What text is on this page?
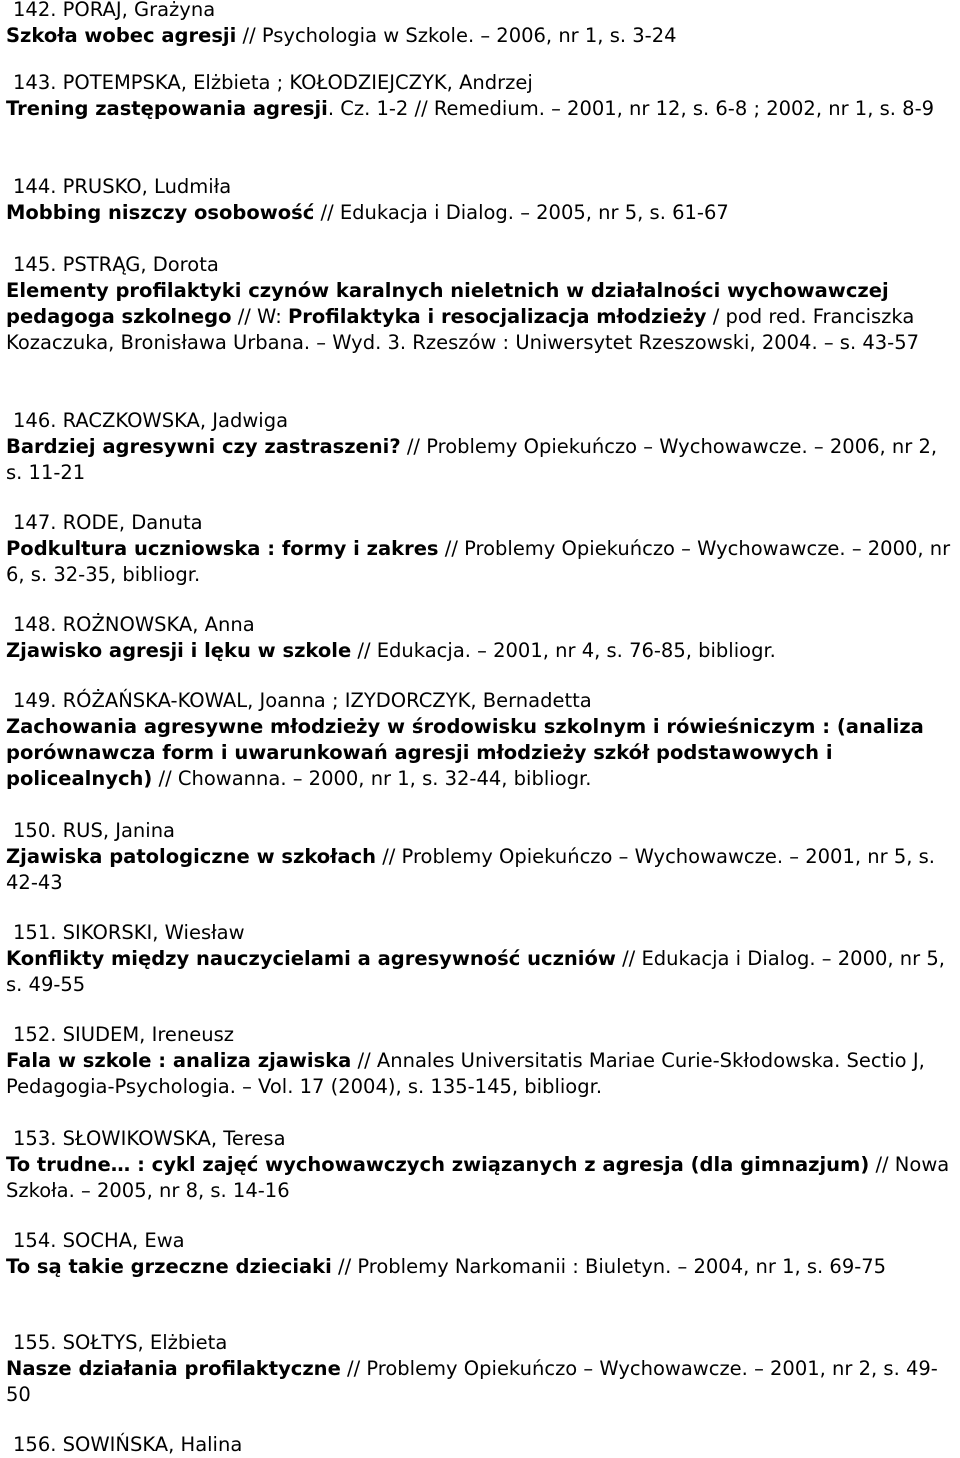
142. PORAJ, Grażyna
Szkoła wobec agresji // Psychologia w Szkole. – 2006, nr 1, s. 3-24
143. POTEMPSKA, Elżbieta ; KOŁODZIEJCZYK, Andrzej
Trening zastępowania agresji. Cz. 1-2 // Remedium. – 2001, nr 12, s. 6-8 ; 2002, nr 1, s. 8-9
144. PRUSKO, Ludmiła
Mobbing niszczy osobowość // Edukacja i Dialog. – 2005, nr 5, s. 61-67
145. PSTRĄG, Dorota
Elementy profilaktyki czynów karalnych nieletnich w działalności wychowawczej pedagoga szkolnego // W: Profilaktyka i resocjalizacja młodzieży / pod red. Franciszka Kozaczuka, Bronisława Urbana. – Wyd. 3. Rzeszów : Uniwersytet Rzeszowski, 2004. – s. 43-57
146. RACZKOWSKA, Jadwiga
Bardziej agresywni czy zastraszeni? // Problemy Opiekuńczo – Wychowawcze. – 2006, nr 2, s. 11-21
147. RODE, Danuta
Podkultura uczniowska : formy i zakres // Problemy Opiekuńczo – Wychowawcze. – 2000, nr 6, s. 32-35, bibliogr.
148. ROŻNOWSKA, Anna
Zjawisko agresji i lęku w szkole // Edukacja. – 2001, nr 4, s. 76-85, bibliogr.
149. RÓŻAŃSKA-KOWAL, Joanna ; IZYDORCZYK, Bernadetta
Zachowania agresywne młodzieży w środowisku szkolnym i rówieśniczym : (analiza porównawcza form i uwarunkowań agresji młodzieży szkół podstawowych i policealnych) // Chowanna. – 2000, nr 1, s. 32-44, bibliogr.
150. RUS, Janina
Zjawiska patologiczne w szkołach // Problemy Opiekuńczo – Wychowawcze. – 2001, nr 5, s. 42-43
151. SIKORSKI, Wiesław
Konflikty między nauczycielami a agresywność uczniów // Edukacja i Dialog. – 2000, nr 5, s. 49-55
152. SIUDEM, Ireneusz
Fala w szkole : analiza zjawiska // Annales Universitatis Mariae Curie-Skłodowska. Sectio J, Pedagogia-Psychologia. – Vol. 17 (2004), s. 135-145, bibliogr.
153. SŁOWIKOWSKA, Teresa
To trudne… : cykl zajęć wychowawczych związanych z agresja (dla gimnazjum) // Nowa Szkoła. – 2005, nr 8, s. 14-16
154. SOCHA, Ewa
To są takie grzeczne dzieciaki // Problemy Narkomanii : Biuletyn. – 2004, nr 1, s. 69-75
155. SOŁTYS, Elżbieta
Nasze działania profilaktyczne // Problemy Opiekuńczo – Wychowawcze. – 2001, nr 2, s. 49-50
156. SOWIŃSKA, Halina
